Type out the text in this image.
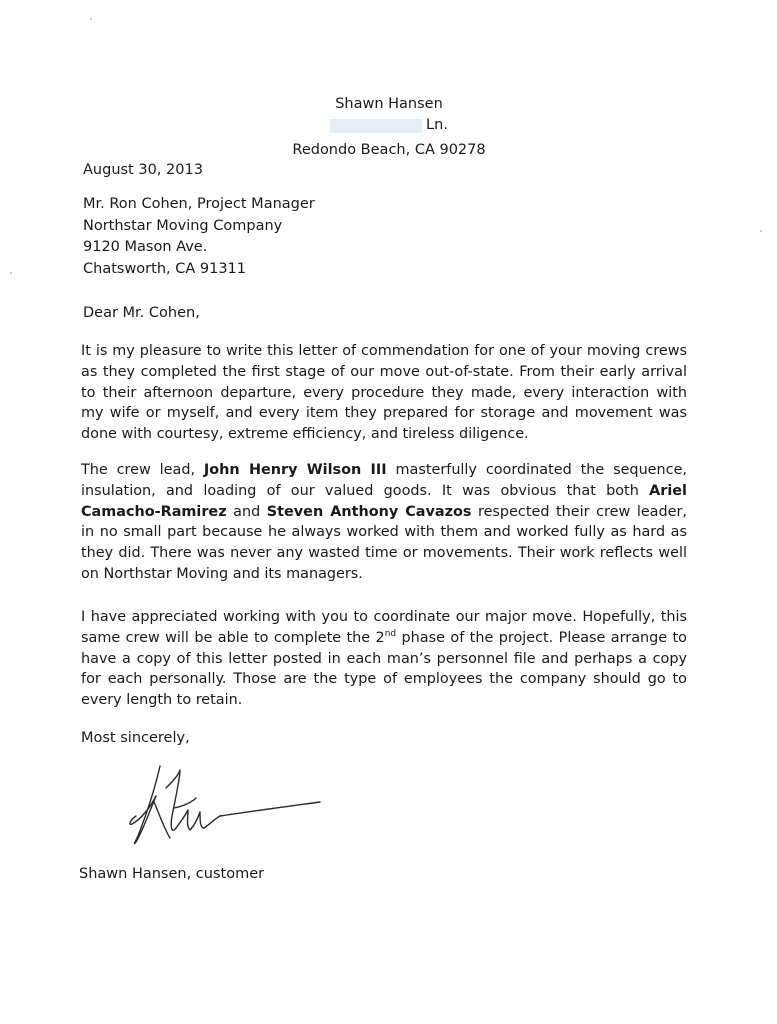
Shawn Hansen
Ln.
Redondo Beach, CA 90278
August 30, 2013
Mr. Ron Cohen, Project Manager
Northstar Moving Company
9120 Mason Ave.
Chatsworth, CA 91311
Dear Mr. Cohen,

It is my pleasure to write this letter of commendation for one of your moving crews as they completed the first stage of our move out-of-state. From their early arrival to their afternoon departure, every procedure they made, every interaction with my wife or myself, and every item they prepared for storage and movement was done with courtesy, extreme efficiency, and tireless diligence.

The crew lead, John Henry Wilson III masterfully coordinated the sequence, insulation, and loading of our valued goods. It was obvious that both Ariel Camacho-Ramirez and Steven Anthony Cavazos respected their crew leader, in no small part because he always worked with them and worked fully as hard as they did. There was never any wasted time or movements. Their work reflects well on Northstar Moving and its managers.

I have appreciated working with you to coordinate our major move. Hopefully, this same crew will be able to complete the 2nd phase of the project. Please arrange to have a copy of this letter posted in each man’s personnel file and perhaps a copy for each personally. Those are the type of employees the company should go to every length to retain.

Most sincerely,
Shawn Hansen, customer
